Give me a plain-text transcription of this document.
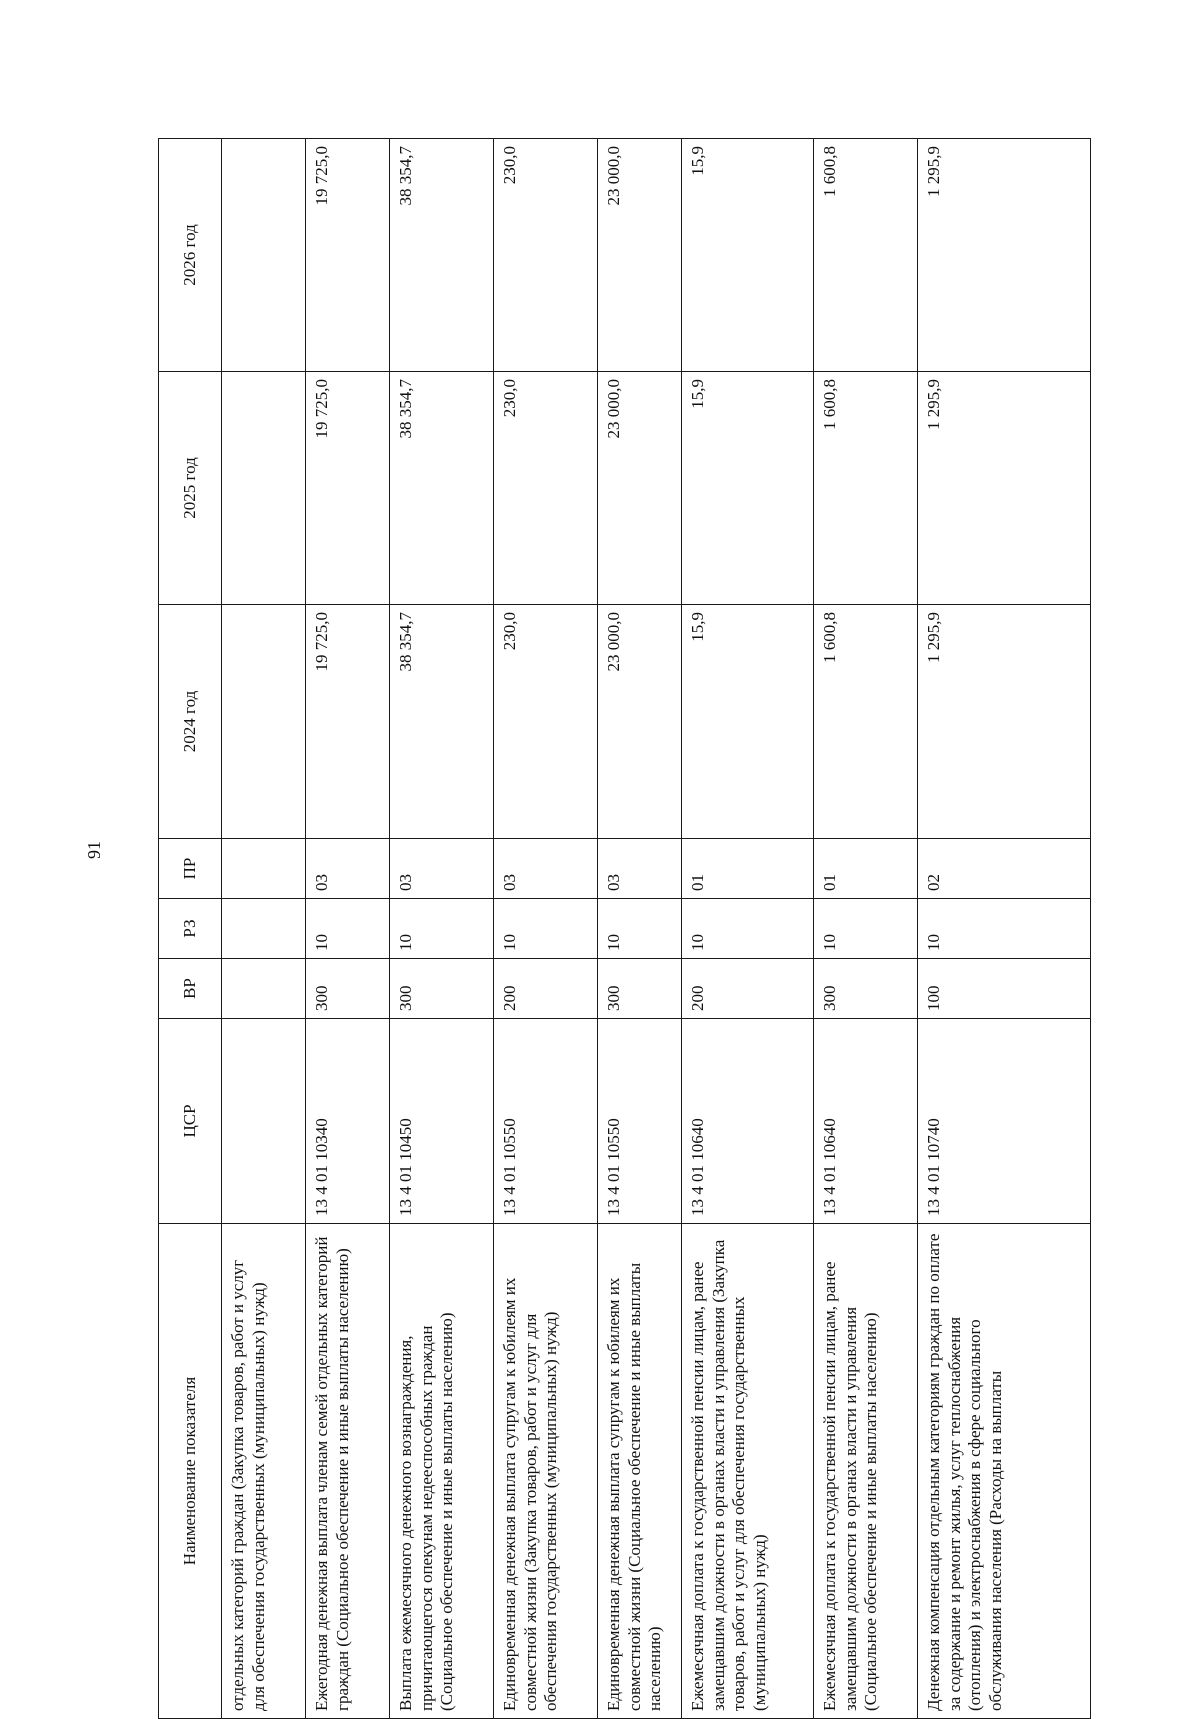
91
Наименование показателя	ЦСР	ВР	РЗ	ПР	2024 год	2025 год	2026 год
отдельных категорий граждан (Закупка товаров, работ и услуг для обеспечения государственных (муниципальных) нужд)							
Ежегодная денежная выплата членам семей отдельных категорий граждан (Социальное обеспечение и иные выплаты населению)	13 4 01 10340	300	10	03	19 725,0	19 725,0	19 725,0
Выплата ежемесячного денежного вознаграждения, причитающегося опекунам недееспособных граждан (Социальное обеспечение и иные выплаты населению)	13 4 01 10450	300	10	03	38 354,7	38 354,7	38 354,7
Единовременная денежная выплата супругам к юбилеям их совместной жизни (Закупка товаров, работ и услуг для обеспечения государственных (муниципальных) нужд)	13 4 01 10550	200	10	03	230,0	230,0	230,0
Единовременная денежная выплата супругам к юбилеям их совместной жизни (Социальное обеспечение и иные выплаты населению)	13 4 01 10550	300	10	03	23 000,0	23 000,0	23 000,0
Ежемесячная доплата к государственной пенсии лицам, ранее замещавшим должности в органах власти и управления (Закупка товаров, работ и услуг для обеспечения государственных (муниципальных) нужд)	13 4 01 10640	200	10	01	15,9	15,9	15,9
Ежемесячная доплата к государственной пенсии лицам, ранее замещавшим должности в органах власти и управления (Социальное обеспечение и иные выплаты населению)	13 4 01 10640	300	10	01	1 600,8	1 600,8	1 600,8
Денежная компенсация отдельным категориям граждан по оплате за содержание и ремонт жилья, услуг теплоснабжения (отопления) и электроснабжения в сфере социального обслуживания населения (Расходы на выплаты	13 4 01 10740	100	10	02	1 295,9	1 295,9	1 295,9
